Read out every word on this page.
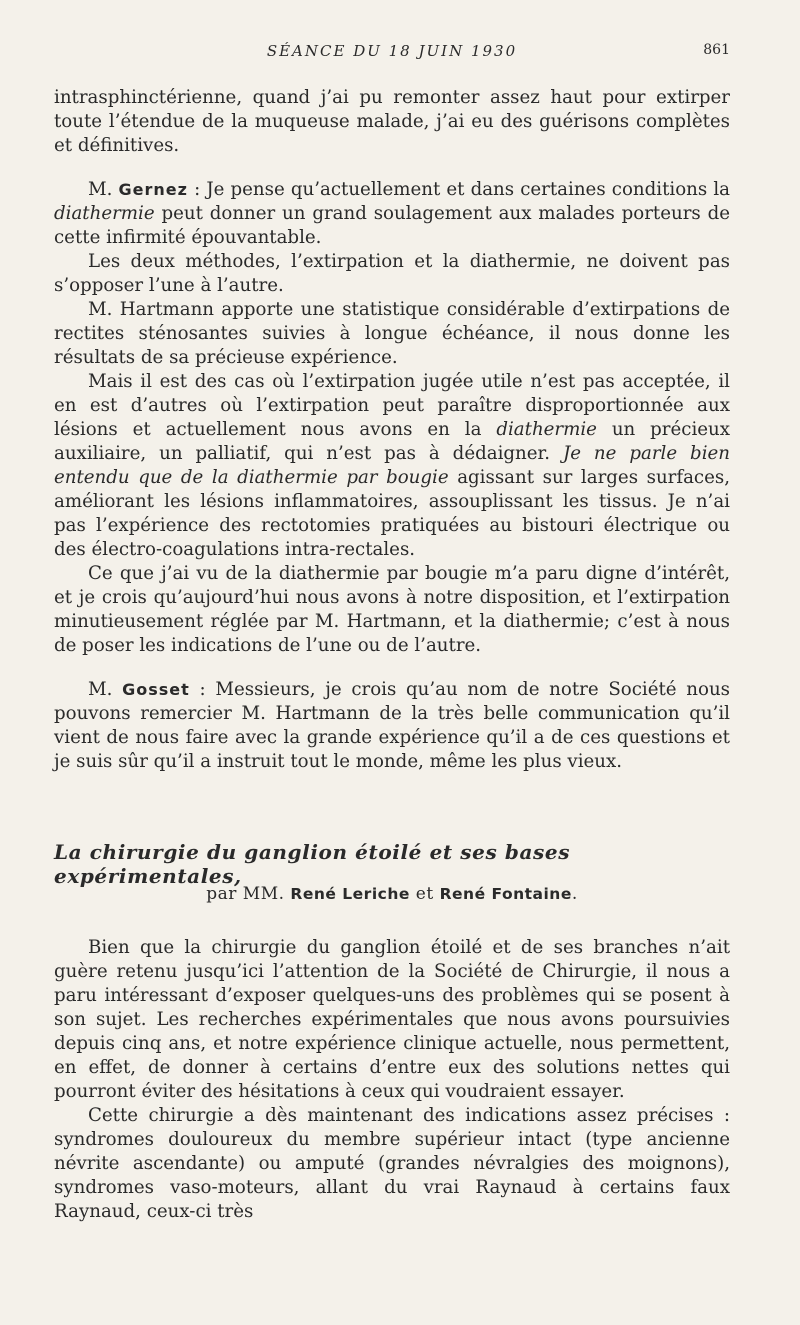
SÉANCE DU 18 JUIN 1930	861

intrasphinctérienne, quand j’ai pu remonter assez haut pour extirper toute l’étendue de la muqueuse malade, j’ai eu des guérisons complètes et définitives.

M. Gernez : Je pense qu’actuellement et dans certaines conditions la diathermie peut donner un grand soulagement aux malades porteurs de cette infirmité épouvantable.

Les deux méthodes, l’extirpation et la diathermie, ne doivent pas s’opposer l’une à l’autre.

M. Hartmann apporte une statistique considérable d’extirpations de rectites sténosantes suivies à longue échéance, il nous donne les résultats de sa précieuse expérience.

Mais il est des cas où l’extirpation jugée utile n’est pas acceptée, il en est d’autres où l’extirpation peut paraître disproportionnée aux lésions et actuellement nous avons en la diathermie un précieux auxiliaire, un palliatif, qui n’est pas à dédaigner. Je ne parle bien entendu que de la diathermie par bougie agissant sur larges surfaces, améliorant les lésions inflammatoires, assouplissant les tissus. Je n’ai pas l’expérience des rectotomies pratiquées au bistouri électrique ou des électro-coagulations intra-rectales.

Ce que j’ai vu de la diathermie par bougie m’a paru digne d’intérêt, et je crois qu’aujourd’hui nous avons à notre disposition, et l’extirpation minutieusement réglée par M. Hartmann, et la diathermie; c’est à nous de poser les indications de l’une ou de l’autre.

M. Gosset : Messieurs, je crois qu’au nom de notre Société nous pouvons remercier M. Hartmann de la très belle communication qu’il vient de nous faire avec la grande expérience qu’il a de ces questions et je suis sûr qu’il a instruit tout le monde, même les plus vieux.

La chirurgie du ganglion étoilé et ses bases expérimentales,
par MM. René Leriche et René Fontaine.

Bien que la chirurgie du ganglion étoilé et de ses branches n’ait guère retenu jusqu’ici l’attention de la Société de Chirurgie, il nous a paru intéressant d’exposer quelques-uns des problèmes qui se posent à son sujet. Les recherches expérimentales que nous avons poursuivies depuis cinq ans, et notre expérience clinique actuelle, nous permettent, en effet, de donner à certains d’entre eux des solutions nettes qui pourront éviter des hésitations à ceux qui voudraient essayer.

Cette chirurgie a dès maintenant des indications assez précises : syndromes douloureux du membre supérieur intact (type ancienne névrite ascendante) ou amputé (grandes névralgies des moignons), syndromes vaso-moteurs, allant du vrai Raynaud à certains faux Raynaud, ceux-ci très
